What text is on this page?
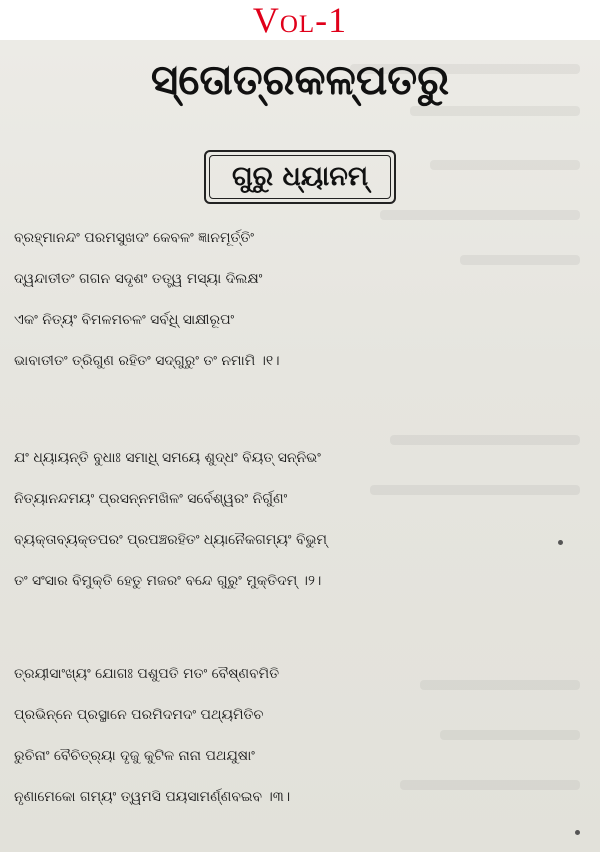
Vol-1
ସ୍ତୋତ୍ରକଳ୍ପତରୁ
ଗୁରୁ ଧ୍ୟାନମ୍
ବ୍ରହ୍ମାନନ୍ଦଂ ପରମସୁଖଦଂ କେବଳଂ ଜ୍ଞାନମୂର୍ତ୍ତିଂ
ଦ୍ୱନ୍ଦାତୀତଂ ଗଗନ ସଦୃଶଂ ତତ୍ତ୍ୱ ମସ୍ୟା ଦିଲକ୍ଷଂ
ଏକଂ ନିତ୍ୟଂ ବିମଳମଚଳଂ ସର୍ବଧି୍ ସାକ୍ଷୀରୂପଂ
ଭାବାତୀତଂ ତ୍ରିଗୁଣ ରହିତଂ ସଦ୍‌ଗୁରୁଂ ତଂ ନମାମି ।୧।
ଯଂ ଧ୍ୟାୟନ୍ତି ବୁଧାଃ ସମାଧି୍ ସମୟେ ଶୁଦ୍ଧଂ ବିୟତ୍ ସନ୍ନିଭଂ
ନିତ୍ୟାନନ୍ଦମୟଂ ପ୍ରସନ୍ନମଖିଳଂ ସର୍ବେଶ୍ୱରଂ ନିର୍ଗୁଣଂ
ବ୍ୟକ୍ତାବ୍ୟକ୍ତପରଂ ପ୍ରପଞ୍ଚରହିତଂ ଧ୍ୟାନୈକଗମ୍ୟଂ ବିଭୁମ୍
ତଂ ସଂସାର ବିମୁକ୍ତି ହେତୁ ମଜରଂ ବନ୍ଦେ ଗୁରୁଂ ମୁକ୍ତିଦମ୍ ।୨।
ତ୍ରୟୀସାଂଖ୍ୟଂ ଯୋଗଃ ପଶୁପତି ମତଂ ବୈଷ୍ଣବମିତି
ପ୍ରଭିନ୍ନେ ପ୍ରସ୍ଥାନେ ପରମିଦମଦଂ ପଥ୍ୟମିତିଚ
ରୁଚିନାଂ ବୈଚିତ୍ର୍ୟା ଦୃଜୁ କୁଟିଳ ନାନା ପଥଯୁଷାଂ
ନୃଣାମେକୋ ଗମ୍ୟଂ ତ୍ୱମସି ପୟସାମର୍ଣ୍ଣବଇବ ।୩।
